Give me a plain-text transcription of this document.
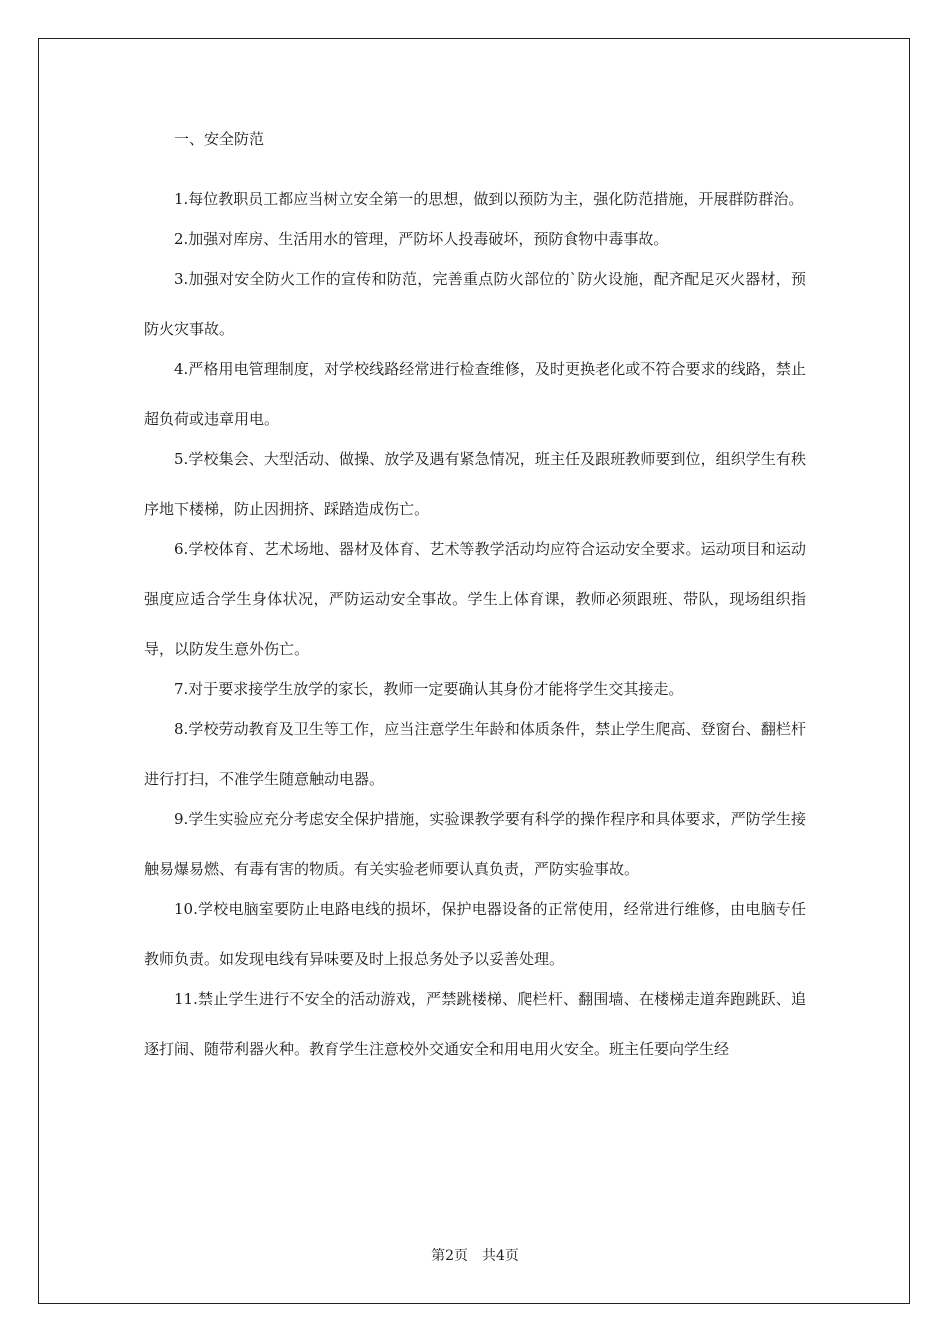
一、安全防范

1.每位教职员工都应当树立安全第一的思想，做到以预防为主，强化防范措施，开展群防群治。

2.加强对库房、生活用水的管理，严防坏人投毒破坏，预防食物中毒事故。

3.加强对安全防火工作的宣传和防范，完善重点防火部位的`防火设施，配齐配足灭火器材，预防火灾事故。

4.严格用电管理制度，对学校线路经常进行检查维修，及时更换老化或不符合要求的线路，禁止超负荷或违章用电。

5.学校集会、大型活动、做操、放学及遇有紧急情况，班主任及跟班教师要到位，组织学生有秩序地下楼梯，防止因拥挤、踩踏造成伤亡。

6.学校体育、艺术场地、器材及体育、艺术等教学活动均应符合运动安全要求。运动项目和运动强度应适合学生身体状况，严防运动安全事故。学生上体育课，教师必须跟班、带队，现场组织指导，以防发生意外伤亡。

7.对于要求接学生放学的家长，教师一定要确认其身份才能将学生交其接走。

8.学校劳动教育及卫生等工作，应当注意学生年龄和体质条件，禁止学生爬高、登窗台、翻栏杆进行打扫，不准学生随意触动电器。

9.学生实验应充分考虑安全保护措施，实验课教学要有科学的操作程序和具体要求，严防学生接触易爆易燃、有毒有害的物质。有关实验老师要认真负责，严防实验事故。

10.学校电脑室要防止电路电线的损坏，保护电器设备的正常使用，经常进行维修，由电脑专任教师负责。如发现电线有异味要及时上报总务处予以妥善处理。

11.禁止学生进行不安全的活动游戏，严禁跳楼梯、爬栏杆、翻围墙、在楼梯走道奔跑跳跃、追逐打闹、随带利器火种。教育学生注意校外交通安全和用电用火安全。班主任要向学生经

第2页 共4页
